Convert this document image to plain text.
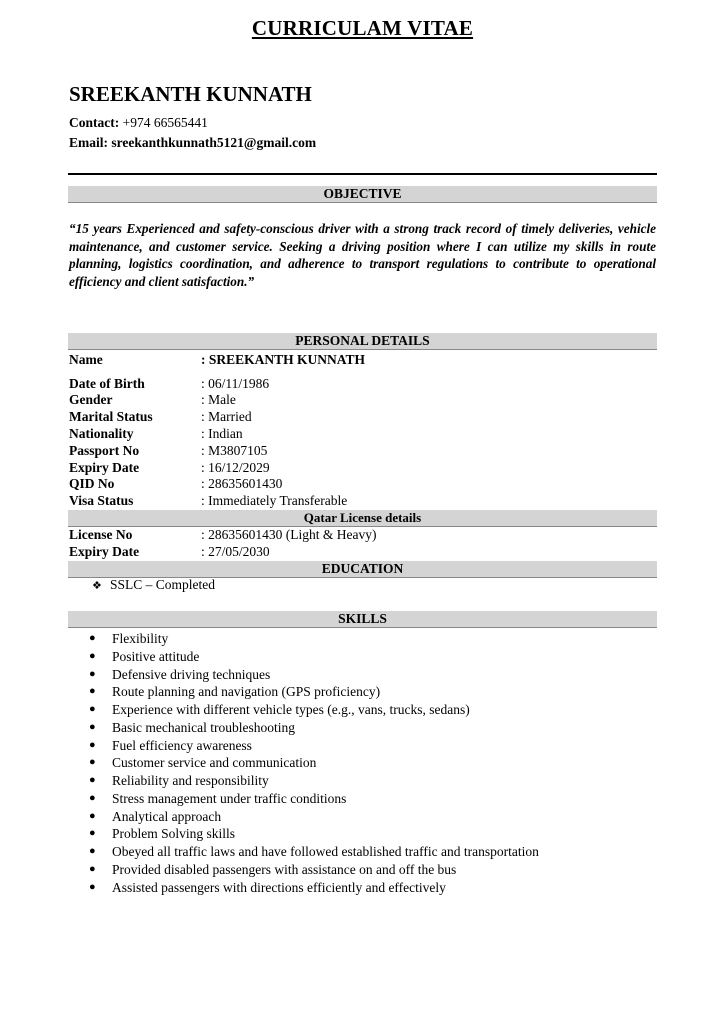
CURRICULAM VITAE
SREEKANTH KUNNATH
Contact: +974 66565441
Email: sreekanthkunnath5121@gmail.com
OBJECTIVE
“15 years Experienced and safety-conscious driver with a strong track record of timely deliveries, vehicle maintenance, and customer service. Seeking a driving position where I can utilize my skills in route planning, logistics coordination, and adherence to transport regulations to contribute to operational efficiency and client satisfaction.”
PERSONAL DETAILS
Name	: SREEKANTH KUNNATH
Date of Birth	: 06/11/1986
Gender	: Male
Marital Status	: Married
Nationality	: Indian
Passport No	: M3807105
Expiry Date	: 16/12/2029
QID No	: 28635601430
Visa Status	: Immediately Transferable
Qatar License details
License No	: 28635601430 (Light & Heavy)
Expiry Date	: 27/05/2030
EDUCATION
❖ SSLC – Completed
SKILLS
● Flexibility
● Positive attitude
● Defensive driving techniques
● Route planning and navigation (GPS proficiency)
● Experience with different vehicle types (e.g., vans, trucks, sedans)
● Basic mechanical troubleshooting
● Fuel efficiency awareness
● Customer service and communication
● Reliability and responsibility
● Stress management under traffic conditions
● Analytical approach
● Problem Solving skills
● Obeyed all traffic laws and have followed established traffic and transportation
● Provided disabled passengers with assistance on and off the bus
● Assisted passengers with directions efficiently and effectively
